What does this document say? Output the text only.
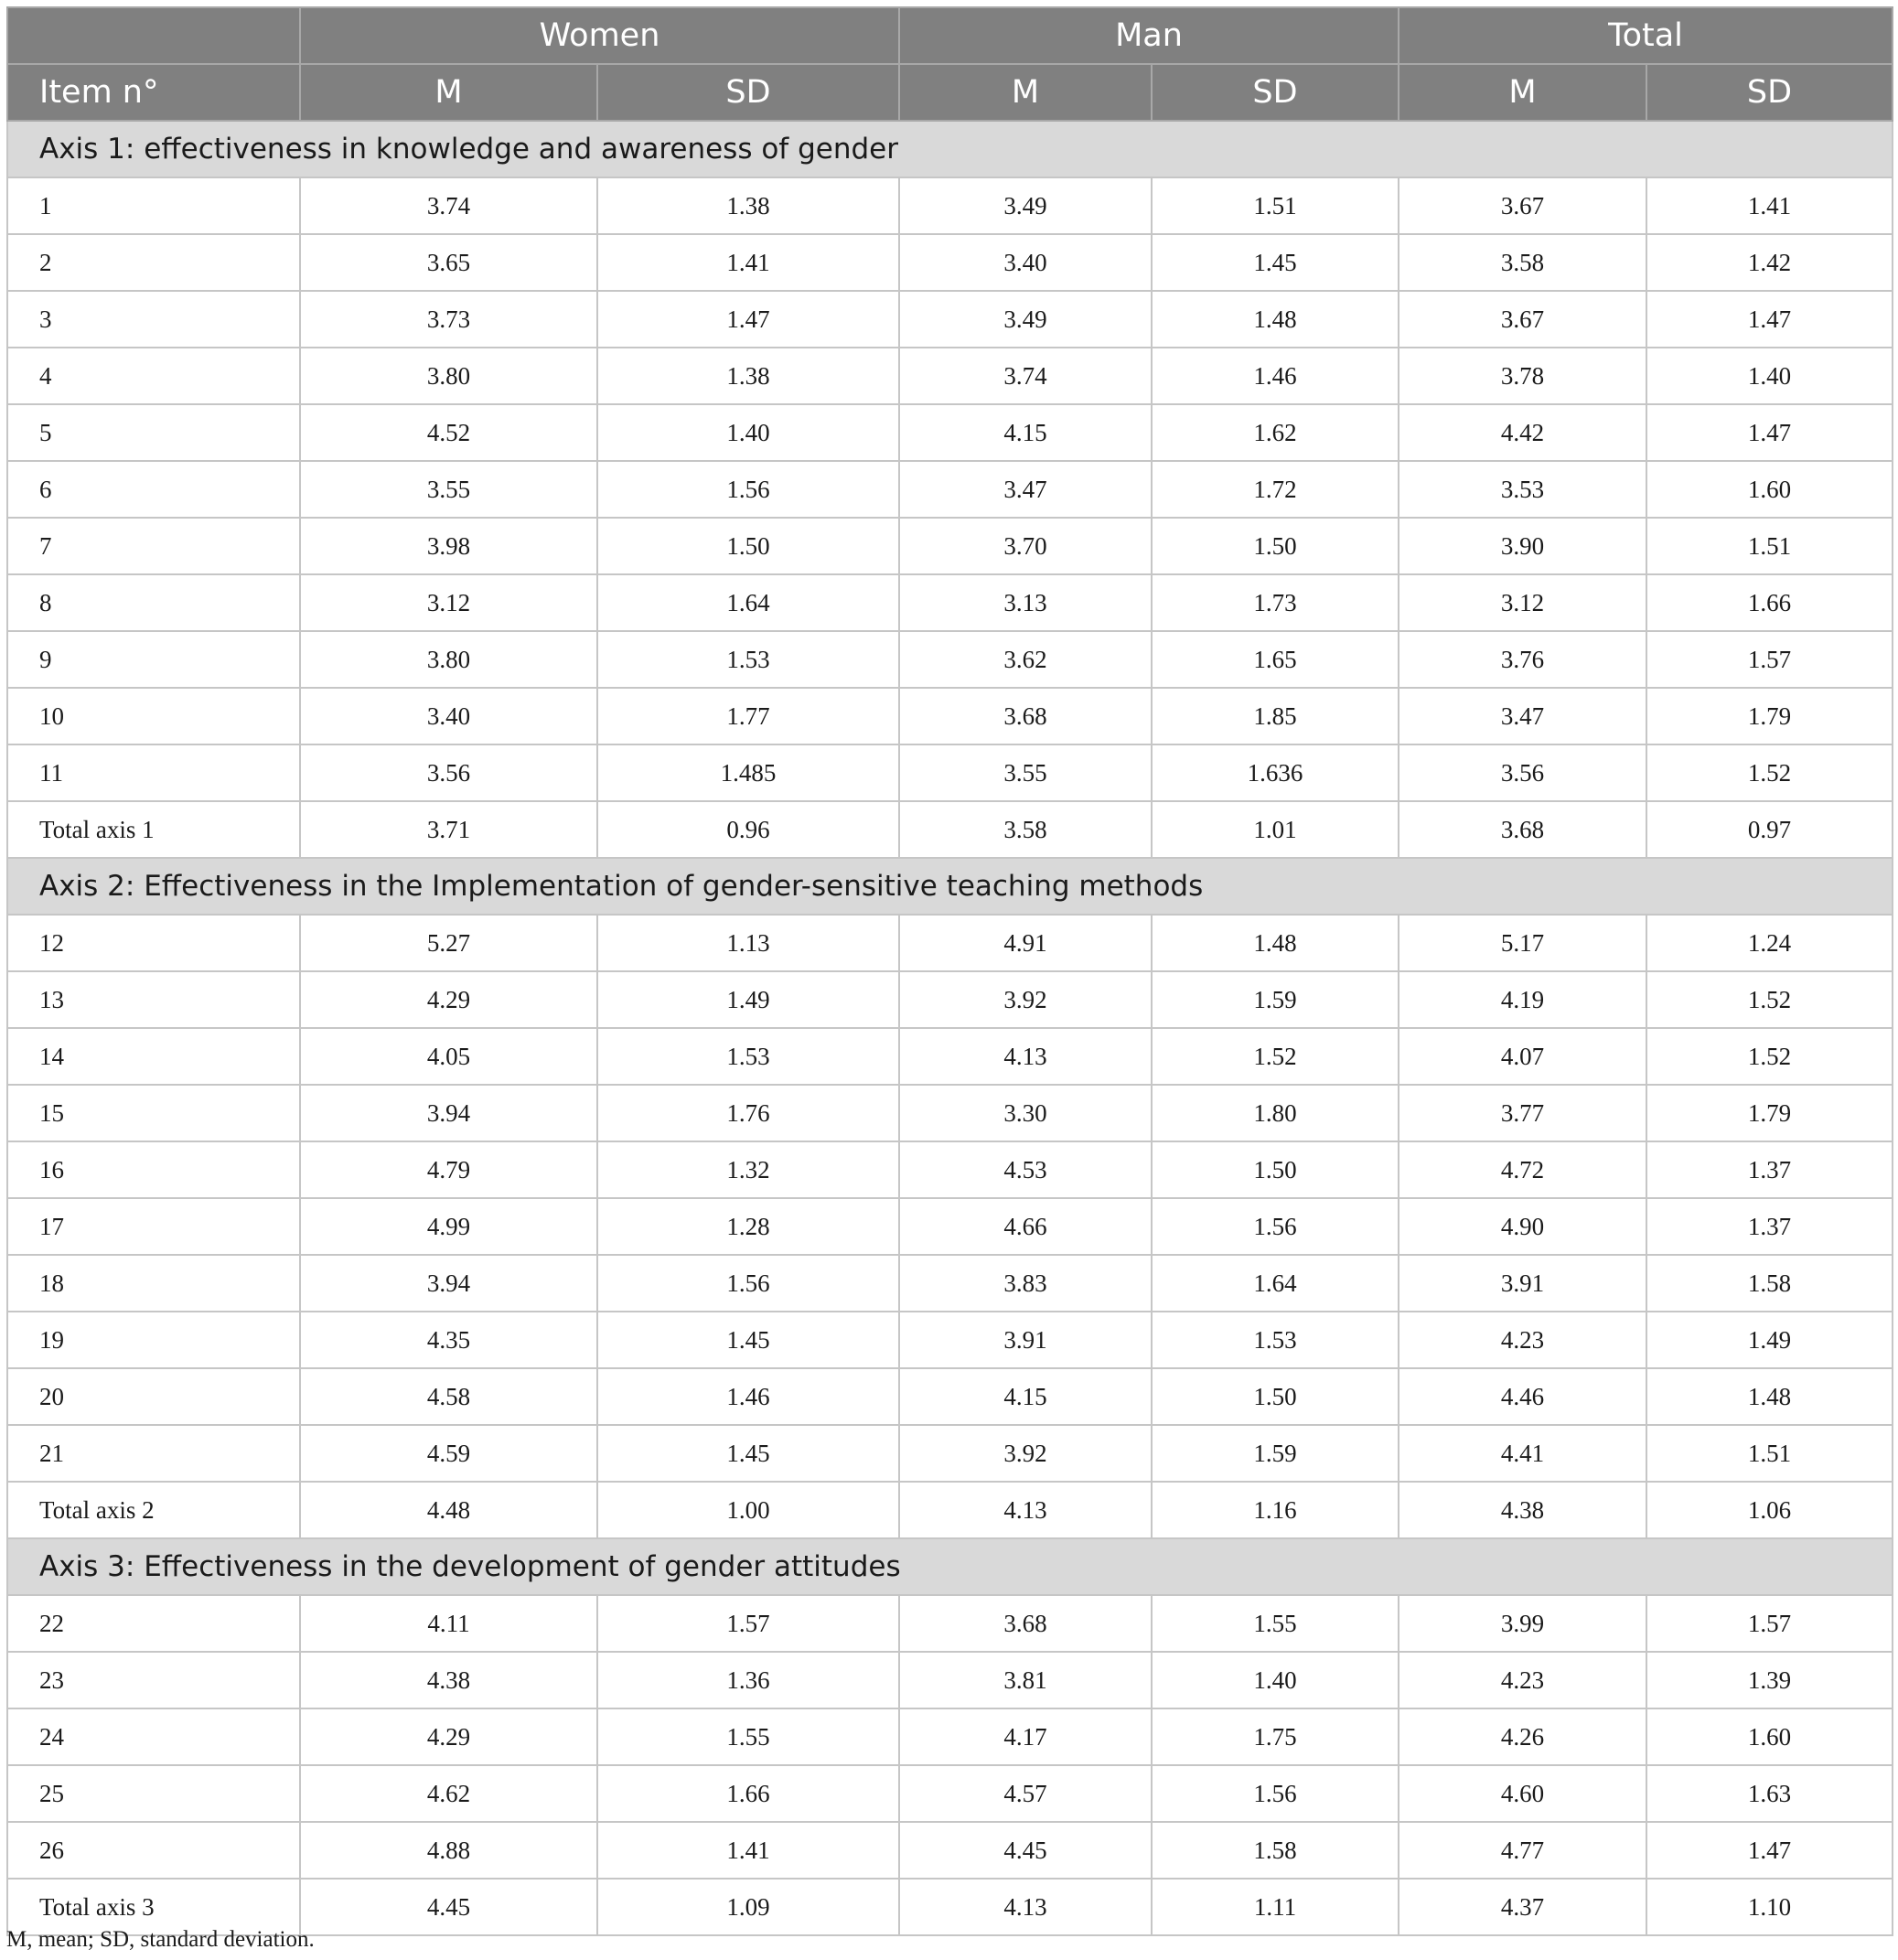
	Women		Man		Total	
Item n°	M	SD	M	SD	M	SD
Axis 1: effectiveness in knowledge and awareness of gender						
1	3.74	1.38	3.49	1.51	3.67	1.41
2	3.65	1.41	3.40	1.45	3.58	1.42
3	3.73	1.47	3.49	1.48	3.67	1.47
4	3.80	1.38	3.74	1.46	3.78	1.40
5	4.52	1.40	4.15	1.62	4.42	1.47
6	3.55	1.56	3.47	1.72	3.53	1.60
7	3.98	1.50	3.70	1.50	3.90	1.51
8	3.12	1.64	3.13	1.73	3.12	1.66
9	3.80	1.53	3.62	1.65	3.76	1.57
10	3.40	1.77	3.68	1.85	3.47	1.79
11	3.56	1.485	3.55	1.636	3.56	1.52
Total axis 1	3.71	0.96	3.58	1.01	3.68	0.97
Axis 2: Effectiveness in the Implementation of gender-sensitive teaching methods						
12	5.27	1.13	4.91	1.48	5.17	1.24
13	4.29	1.49	3.92	1.59	4.19	1.52
14	4.05	1.53	4.13	1.52	4.07	1.52
15	3.94	1.76	3.30	1.80	3.77	1.79
16	4.79	1.32	4.53	1.50	4.72	1.37
17	4.99	1.28	4.66	1.56	4.90	1.37
18	3.94	1.56	3.83	1.64	3.91	1.58
19	4.35	1.45	3.91	1.53	4.23	1.49
20	4.58	1.46	4.15	1.50	4.46	1.48
21	4.59	1.45	3.92	1.59	4.41	1.51
Total axis 2	4.48	1.00	4.13	1.16	4.38	1.06
Axis 3: Effectiveness in the development of gender attitudes						
22	4.11	1.57	3.68	1.55	3.99	1.57
23	4.38	1.36	3.81	1.40	4.23	1.39
24	4.29	1.55	4.17	1.75	4.26	1.60
25	4.62	1.66	4.57	1.56	4.60	1.63
26	4.88	1.41	4.45	1.58	4.77	1.47
Total axis 3	4.45	1.09	4.13	1.11	4.37	1.10
M, mean; SD, standard deviation.
